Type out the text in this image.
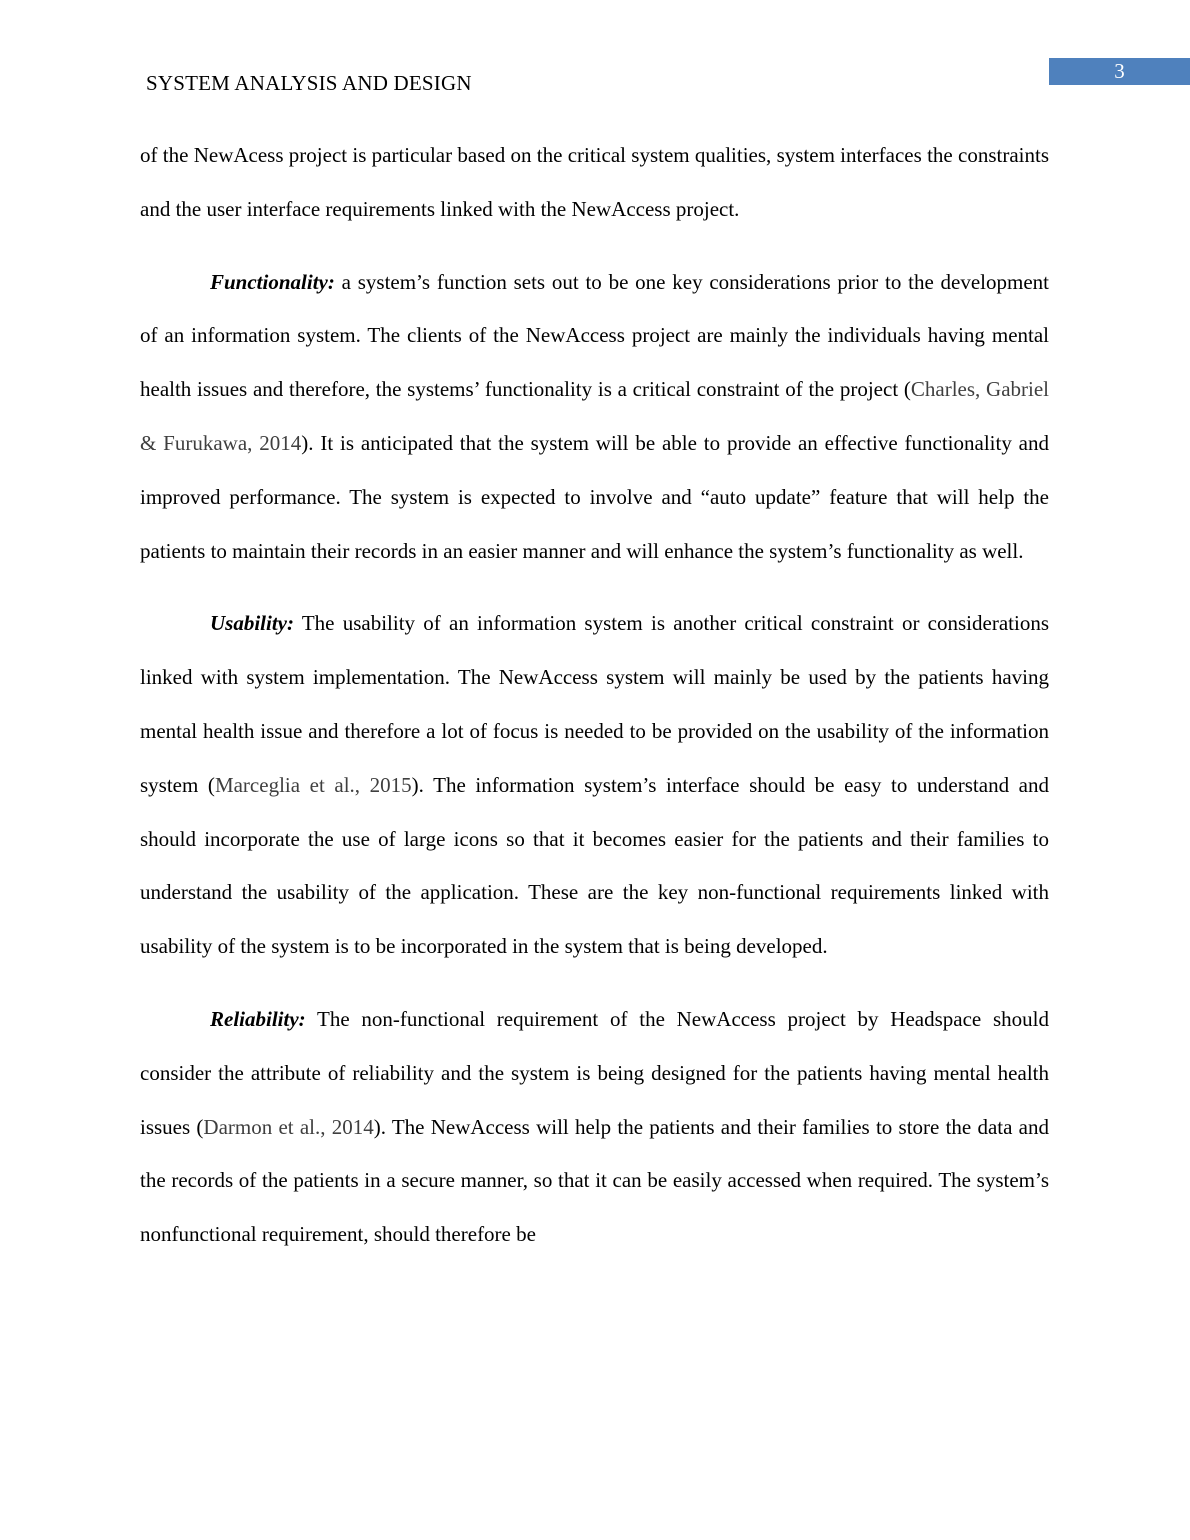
3
SYSTEM ANALYSIS AND DESIGN

of the NewAcess project is particular based on the critical system qualities, system interfaces the constraints and the user interface requirements linked with the NewAccess project.

Functionality: a system’s function sets out to be one key considerations prior to the development of an information system. The clients of the NewAccess project are mainly the individuals having mental health issues and therefore, the systems’ functionality is a critical constraint of the project (Charles, Gabriel & Furukawa, 2014). It is anticipated that the system will be able to provide an effective functionality and improved performance. The system is expected to involve and “auto update” feature that will help the patients to maintain their records in an easier manner and will enhance the system’s functionality as well.

Usability: The usability of an information system is another critical constraint or considerations linked with system implementation. The NewAccess system will mainly be used by the patients having mental health issue and therefore a lot of focus is needed to be provided on the usability of the information system (Marceglia et al., 2015). The information system’s interface should be easy to understand and should incorporate the use of large icons so that it becomes easier for the patients and their families to understand the usability of the application. These are the key non-functional requirements linked with usability of the system is to be incorporated in the system that is being developed.

Reliability: The non-functional requirement of the NewAccess project by Headspace should consider the attribute of reliability and the system is being designed for the patients having mental health issues (Darmon et al., 2014). The NewAccess will help the patients and their families to store the data and the records of the patients in a secure manner, so that it can be easily accessed when required. The system’s nonfunctional requirement, should therefore be
